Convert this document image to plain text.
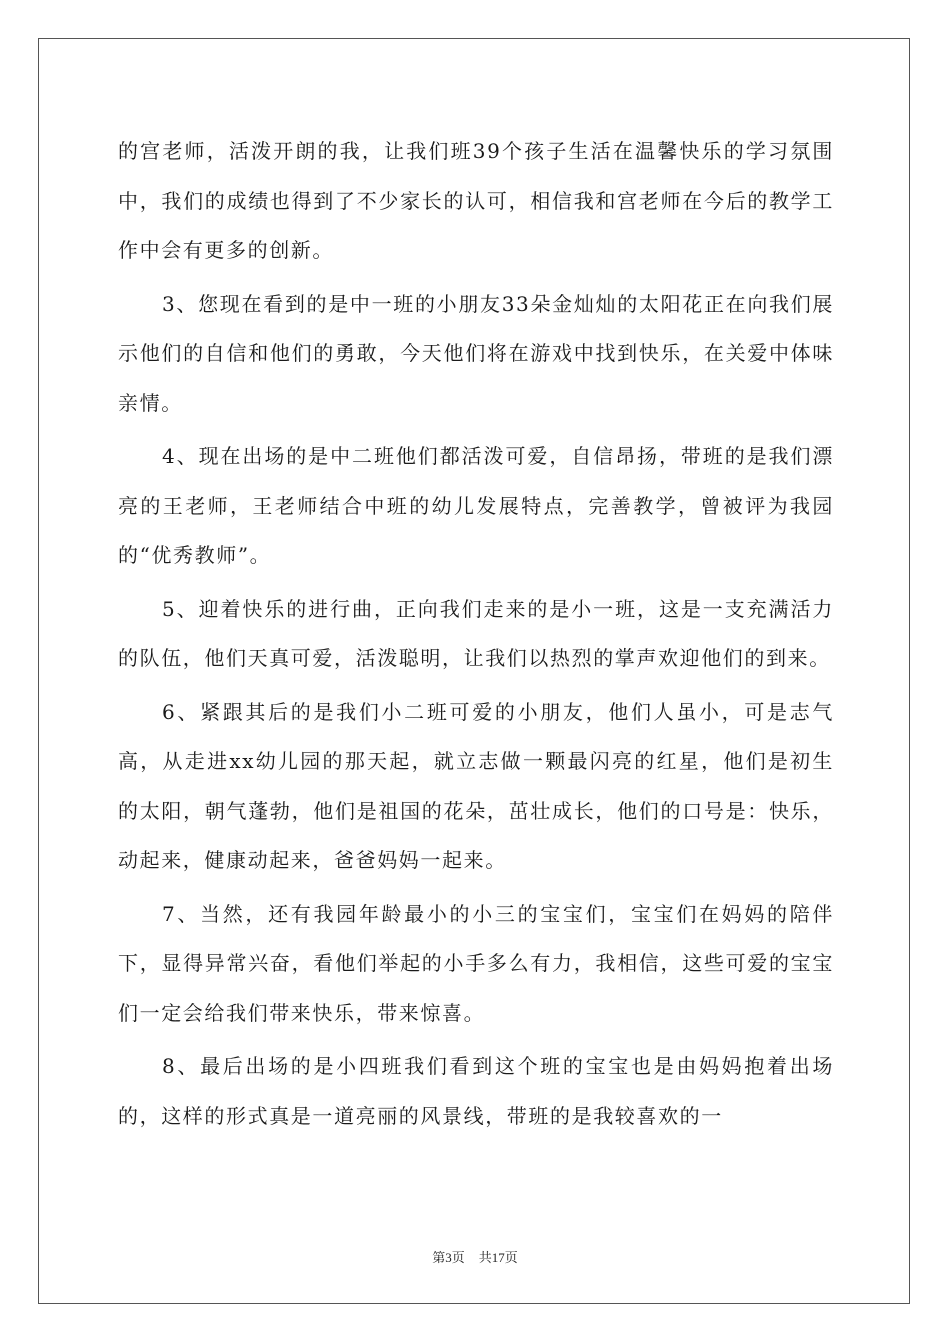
的宫老师，活泼开朗的我，让我们班39个孩子生活在温馨快乐的学习氛围中，我们的成绩也得到了不少家长的认可，相信我和宫老师在今后的教学工作中会有更多的创新。

3、您现在看到的是中一班的小朋友33朵金灿灿的太阳花正在向我们展示他们的自信和他们的勇敢，今天他们将在游戏中找到快乐，在关爱中体味亲情。

4、现在出场的是中二班他们都活泼可爱，自信昂扬，带班的是我们漂亮的王老师，王老师结合中班的幼儿发展特点，完善教学，曾被评为我园的“优秀教师”。

5、迎着快乐的进行曲，正向我们走来的是小一班，这是一支充满活力的队伍，他们天真可爱，活泼聪明，让我们以热烈的掌声欢迎他们的到来。

6、紧跟其后的是我们小二班可爱的小朋友，他们人虽小，可是志气高，从走进xx幼儿园的那天起，就立志做一颗最闪亮的红星，他们是初生的太阳，朝气蓬勃，他们是祖国的花朵，茁壮成长，他们的口号是：快乐，动起来，健康动起来，爸爸妈妈一起来。

7、当然，还有我园年龄最小的小三的宝宝们，宝宝们在妈妈的陪伴下，显得异常兴奋，看他们举起的小手多么有力，我相信，这些可爱的宝宝们一定会给我们带来快乐，带来惊喜。

8、最后出场的是小四班我们看到这个班的宝宝也是由妈妈抱着出场的，这样的形式真是一道亮丽的风景线，带班的是我较喜欢的一

第3页 共17页
